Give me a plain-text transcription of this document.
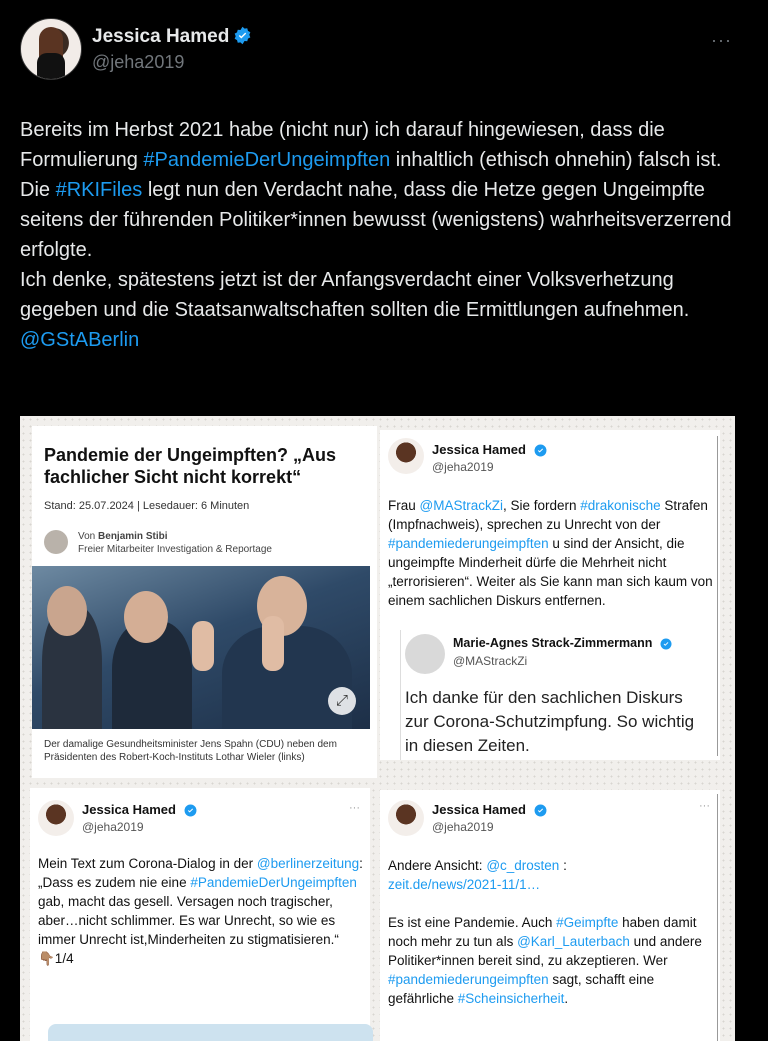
Jessica Hamed
@jeha2019
···
Bereits im Herbst 2021 habe (nicht nur) ich darauf hingewiesen, dass die Formulierung #PandemieDerUngeimpften inhaltlich (ethisch ohnehin) falsch ist.
Die #RKIFiles legt nun den Verdacht nahe, dass die Hetze gegen Ungeimpfte seitens der führenden Politiker*innen bewusst (wenigstens) wahrheitsverzerrend erfolgte.
Ich denke, spätestens jetzt ist der Anfangsverdacht einer Volksverhetzung gegeben und die Staatsanwaltschaften sollten die Ermittlungen aufnehmen. @GStABerlin
Pandemie der Ungeimpften? „Aus fachlicher Sicht nicht korrekt“
Stand: 25.07.2024 | Lesedauer: 6 Minuten
Von Benjamin Stibi
Freier Mitarbeiter Investigation & Reportage
⤢
Der damalige Gesundheitsminister Jens Spahn (CDU) neben dem Präsidenten des Robert-Koch-Instituts Lothar Wieler (links)
Jessica Hamed
@jeha2019
Frau @MAStrackZi, Sie fordern #drakonische Strafen (Impfnachweis), sprechen zu Unrecht von der #pandemiederungeimpften u sind der Ansicht, die ungeimpfte Minderheit dürfe die Mehrheit nicht „terrorisieren“. Weiter als Sie kann man sich kaum von einem sachlichen Diskurs entfernen.
Marie-Agnes Strack-Zimmermann
@MAStrackZi
Ich danke für den sachlichen Diskurs zur Corona-Schutzimpfung. So wichtig in diesen Zeiten.
Jessica Hamed
@jeha2019
···
Mein Text zum Corona-Dialog in der @berlinerzeitung:
„Dass es zudem nie eine #PandemieDerUngeimpften gab, macht das gesell. Versagen noch tragischer, aber…nicht schlimmer. Es war Unrecht, so wie es immer Unrecht ist,Minderheiten zu stigmatisieren.“
👇🏽1/4
Jessica Hamed
@jeha2019
···
Andere Ansicht: @c_drosten :
zeit.de/news/2021-11/1…

Es ist eine Pandemie. Auch #Geimpfte haben damit noch mehr zu tun als @Karl_Lauterbach und andere Politiker*innen bereit sind, zu akzeptieren. Wer #pandemiederungeimpften sagt, schafft eine gefährliche #Scheinsicherheit.
